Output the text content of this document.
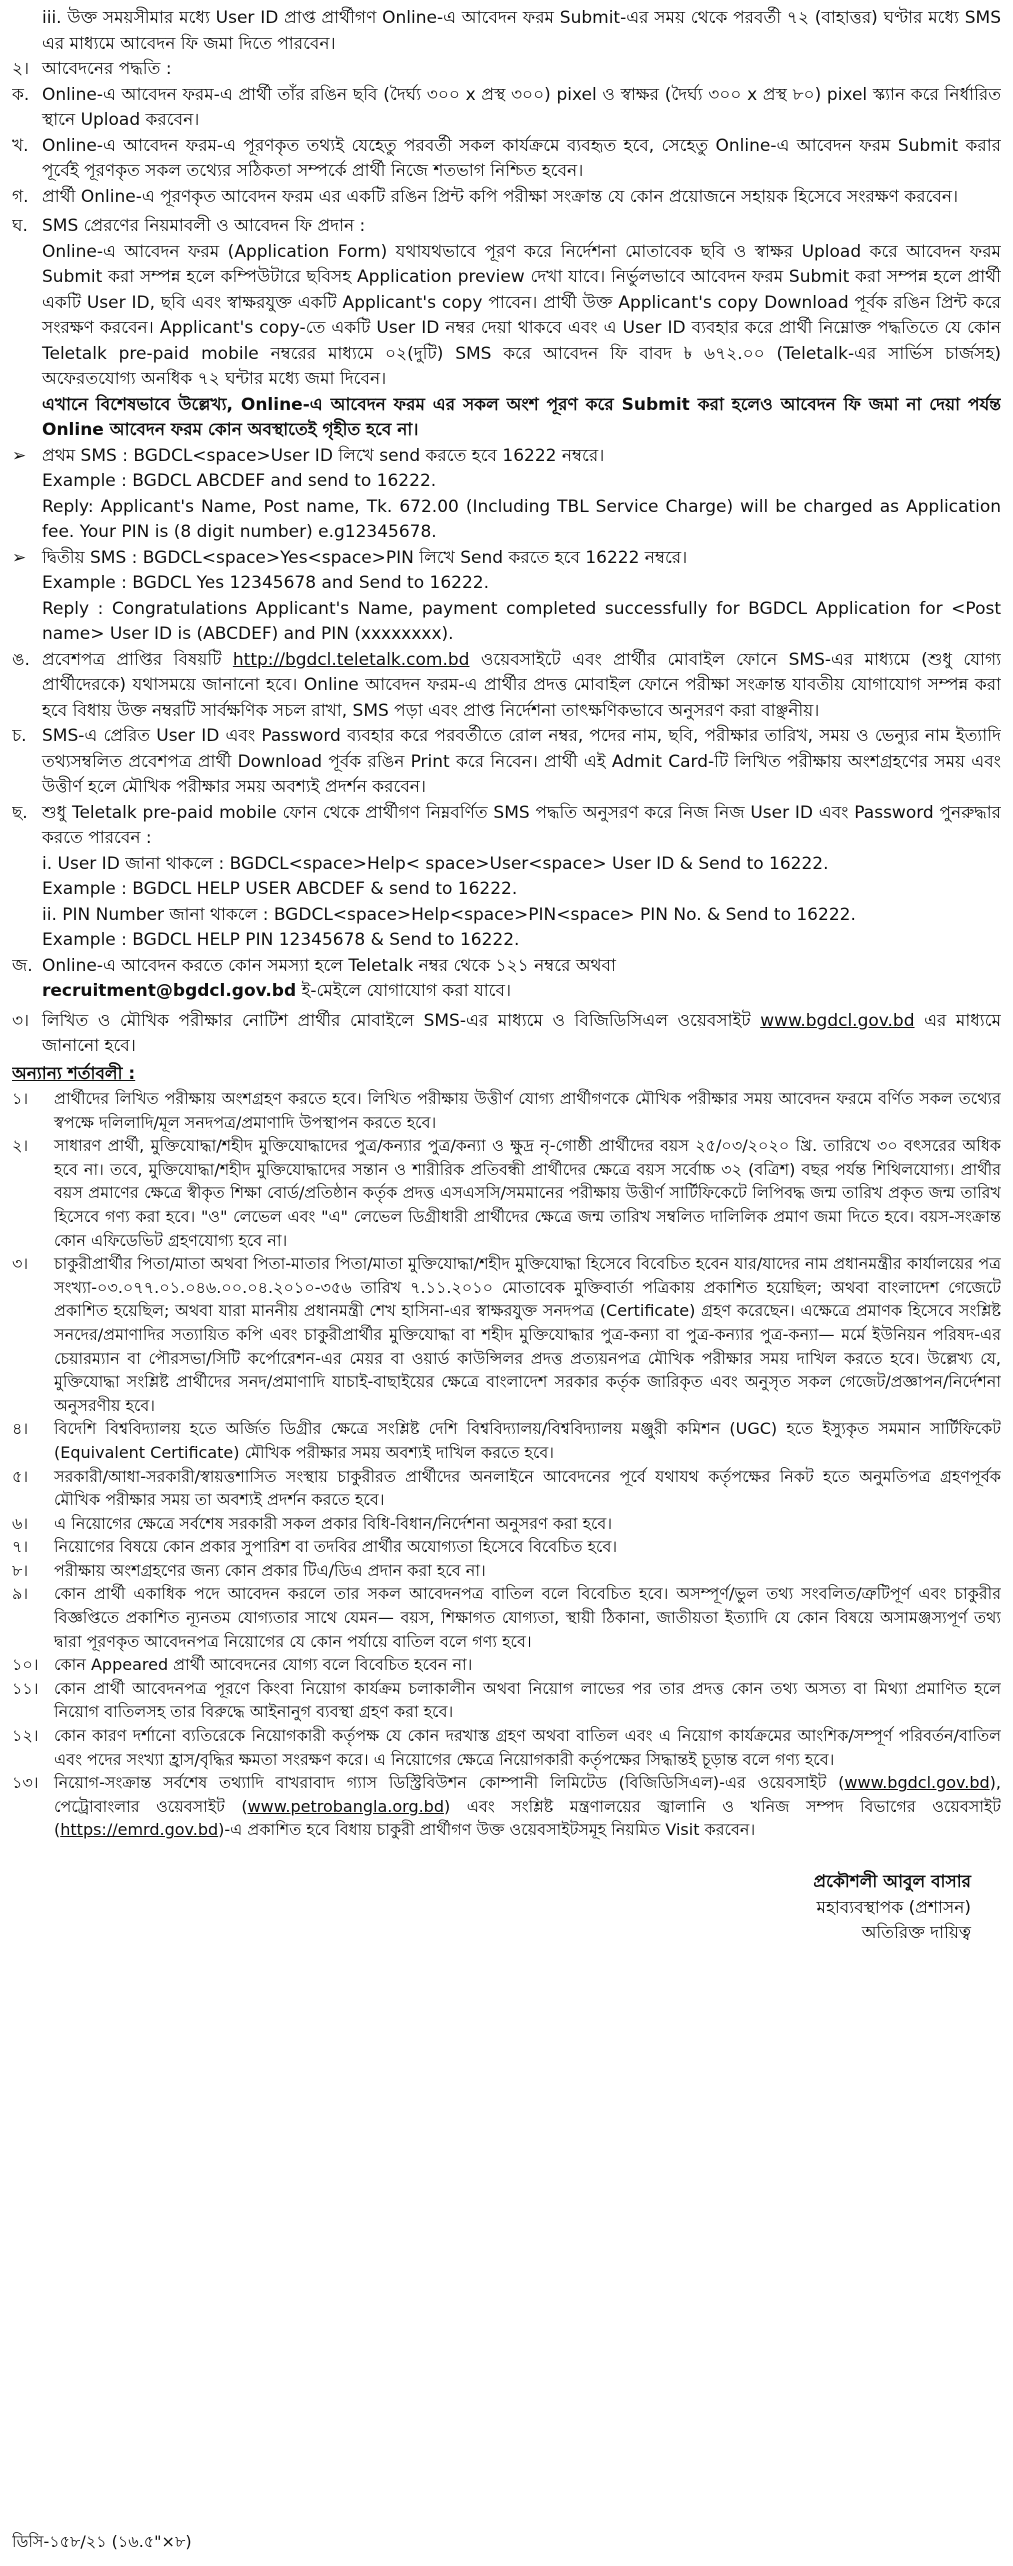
iii. উক্ত সময়সীমার মধ্যে User ID প্রাপ্ত প্রার্থীগণ Online-এ আবেদন ফরম Submit-এর সময় থেকে পরবর্তী ৭২ (বাহাত্তর) ঘণ্টার মধ্যে SMS এর মাধ্যমে আবেদন ফি জমা দিতে পারবেন।
২। আবেদনের পদ্ধতি :
ক. Online-এ আবেদন ফরম-এ প্রার্থী তাঁর রঙিন ছবি (দৈর্ঘ্য ৩০০ x প্রস্থ ৩০০) pixel ও স্বাক্ষর (দৈর্ঘ্য ৩০০ x প্রস্থ ৮০) pixel স্ক্যান করে নির্ধারিত স্থানে Upload করবেন।
খ. Online-এ আবেদন ফরম-এ পূরণকৃত তথ্যই যেহেতু পরবর্তী সকল কার্যক্রমে ব্যবহৃত হবে, সেহেতু Online-এ আবেদন ফরম Submit করার পূর্বেই পূরণকৃত সকল তথ্যের সঠিকতা সম্পর্কে প্রার্থী নিজে শতভাগ নিশ্চিত হবেন।
গ. প্রার্থী Online-এ পূরণকৃত আবেদন ফরম এর একটি রঙিন প্রিন্ট কপি পরীক্ষা সংক্রান্ত যে কোন প্রয়োজনে সহায়ক হিসেবে সংরক্ষণ করবেন।
ঘ. SMS প্রেরণের নিয়মাবলী ও আবেদন ফি প্রদান :
Online-এ আবেদন ফরম (Application Form) যথাযথভাবে পূরণ করে নির্দেশনা মোতাবেক ছবি ও স্বাক্ষর Upload করে আবেদন ফরম Submit করা সম্পন্ন হলে কম্পিউটারে ছবিসহ Application preview দেখা যাবে। নির্ভুলভাবে আবেদন ফরম Submit করা সম্পন্ন হলে প্রার্থী একটি User ID, ছবি এবং স্বাক্ষরযুক্ত একটি Applicant's copy পাবেন। প্রার্থী উক্ত Applicant's copy Download পূর্বক রঙিন প্রিন্ট করে সংরক্ষণ করবেন। Applicant's copy-তে একটি User ID নম্বর দেয়া থাকবে এবং এ User ID ব্যবহার করে প্রার্থী নিম্নোক্ত পদ্ধতিতে যে কোন Teletalk pre-paid mobile নম্বরের মাধ্যমে ০২(দুটি) SMS করে আবেদন ফি বাবদ ৳ ৬৭২.০০ (Teletalk-এর সার্ভিস চার্জসহ) অফেরতযোগ্য অনধিক ৭২ ঘন্টার মধ্যে জমা দিবেন।
এখানে বিশেষভাবে উল্লেখ্য, Online-এ আবেদন ফরম এর সকল অংশ পূরণ করে Submit করা হলেও আবেদন ফি জমা না দেয়া পর্যন্ত Online আবেদন ফরম কোন অবস্থাতেই গৃহীত হবে না।
➢ প্রথম SMS : BGDCL<space>User ID লিখে send করতে হবে 16222 নম্বরে।
Example : BGDCL ABCDEF and send to 16222.
Reply: Applicant's Name, Post name, Tk. 672.00 (Including TBL Service Charge) will be charged as Application fee. Your PIN is (8 digit number) e.g12345678.
➢ দ্বিতীয় SMS : BGDCL<space>Yes<space>PIN লিখে Send করতে হবে 16222 নম্বরে।
Example : BGDCL Yes 12345678 and Send to 16222.
Reply : Congratulations Applicant's Name, payment completed successfully for BGDCL Application for <Post name> User ID is (ABCDEF) and PIN (xxxxxxxx).
ঙ. প্রবেশপত্র প্রাপ্তির বিষয়টি http://bgdcl.teletalk.com.bd ওয়েবসাইটে এবং প্রার্থীর মোবাইল ফোনে SMS-এর মাধ্যমে (শুধু যোগ্য প্রার্থীদেরকে) যথাসময়ে জানানো হবে। Online আবেদন ফরম-এ প্রার্থীর প্রদত্ত মোবাইল ফোনে পরীক্ষা সংক্রান্ত যাবতীয় যোগাযোগ সম্পন্ন করা হবে বিধায় উক্ত নম্বরটি সার্বক্ষণিক সচল রাখা, SMS পড়া এবং প্রাপ্ত নির্দেশনা তাৎক্ষণিকভাবে অনুসরণ করা বাঞ্ছনীয়।
চ. SMS-এ প্রেরিত User ID এবং Password ব্যবহার করে পরবর্তীতে রোল নম্বর, পদের নাম, ছবি, পরীক্ষার তারিখ, সময় ও ভেন্যুর নাম ইত্যাদি তথ্যসম্বলিত প্রবেশপত্র প্রার্থী Download পূর্বক রঙিন Print করে নিবেন। প্রার্থী এই Admit Card-টি লিখিত পরীক্ষায় অংশগ্রহণের সময় এবং উত্তীর্ণ হলে মৌখিক পরীক্ষার সময় অবশ্যই প্রদর্শন করবেন।
ছ. শুধু Teletalk pre-paid mobile ফোন থেকে প্রার্থীগণ নিম্নবর্ণিত SMS পদ্ধতি অনুসরণ করে নিজ নিজ User ID এবং Password পুনরুদ্ধার করতে পারবেন :
i. User ID জানা থাকলে : BGDCL<space>Help< space>User<space> User ID & Send to 16222.
Example : BGDCL HELP USER ABCDEF & send to 16222.
ii. PIN Number জানা থাকলে : BGDCL<space>Help<space>PIN<space> PIN No. & Send to 16222.
Example : BGDCL HELP PIN 12345678 & Send to 16222.
জ. Online-এ আবেদন করতে কোন সমস্যা হলে Teletalk নম্বর থেকে ১২১ নম্বরে অথবা
recruitment@bgdcl.gov.bd ই-মেইলে যোগাযোগ করা যাবে।
৩। লিখিত ও মৌখিক পরীক্ষার নোটিশ প্রার্থীর মোবাইলে SMS-এর মাধ্যমে ও বিজিডিসিএল ওয়েবসাইট www.bgdcl.gov.bd এর মাধ্যমে জানানো হবে।
অন্যান্য শর্তাবলী :
১।	প্রার্থীদের লিখিত পরীক্ষায় অংশগ্রহণ করতে হবে। লিখিত পরীক্ষায় উত্তীর্ণ যোগ্য প্রার্থীগণকে মৌখিক পরীক্ষার সময় আবেদন ফরমে বর্ণিত সকল তথ্যের স্বপক্ষে দলিলাদি/মূল সনদপত্র/প্রমাণাদি উপস্থাপন করতে হবে।
২।	সাধারণ প্রার্থী, মুক্তিযোদ্ধা/শহীদ মুক্তিযোদ্ধাদের পুত্র/কন্যার পুত্র/কন্যা ও ক্ষুদ্র নৃ-গোষ্ঠী প্রার্থীদের বয়স ২৫/০৩/২০২০ খ্রি. তারিখে ৩০ বৎসরের অধিক হবে না। তবে, মুক্তিযোদ্ধা/শহীদ মুক্তিযোদ্ধাদের সন্তান ও শারীরিক প্রতিবন্ধী প্রার্থীদের ক্ষেত্রে বয়স সর্বোচ্চ ৩২ (বত্রিশ) বছর পর্যন্ত শিথিলযোগ্য। প্রার্থীর বয়স প্রমাণের ক্ষেত্রে স্বীকৃত শিক্ষা বোর্ড/প্রতিষ্ঠান কর্তৃক প্রদত্ত এসএসসি/সমমানের পরীক্ষায় উত্তীর্ণ সার্টিফিকেটে লিপিবদ্ধ জন্ম তারিখ প্রকৃত জন্ম তারিখ হিসেবে গণ্য করা হবে। "ও" লেভেল এবং "এ" লেভেল ডিগ্রীধারী প্রার্থীদের ক্ষেত্রে জন্ম তারিখ সম্বলিত দালিলিক প্রমাণ জমা দিতে হবে। বয়স-সংক্রান্ত কোন এফিডেভিট গ্রহণযোগ্য হবে না।
৩।	চাকুরীপ্রার্থীর পিতা/মাতা অথবা পিতা-মাতার পিতা/মাতা মুক্তিযোদ্ধা/শহীদ মুক্তিযোদ্ধা হিসেবে বিবেচিত হবেন যার/যাদের নাম প্রধানমন্ত্রীর কার্যালয়ের পত্র সংখ্যা-০৩.০৭৭.০১.০৪৬.০০.০৪.২০১০-৩৫৬ তারিখ ৭.১১.২০১০ মোতাবেক মুক্তিবার্তা পত্রিকায় প্রকাশিত হয়েছিল; অথবা বাংলাদেশ গেজেটে প্রকাশিত হয়েছিল; অথবা যারা মাননীয় প্রধানমন্ত্রী শেখ হাসিনা-এর স্বাক্ষরযুক্ত সনদপত্র (Certificate) গ্রহণ করেছেন। এক্ষেত্রে প্রমাণক হিসেবে সংশ্লিষ্ট সনদের/প্রমাণাদির সত্যায়িত কপি এবং চাকুরীপ্রার্থীর মুক্তিযোদ্ধা বা শহীদ মুক্তিযোদ্ধার পুত্র-কন্যা বা পুত্র-কন্যার পুত্র-কন্যা— মর্মে ইউনিয়ন পরিষদ-এর চেয়ারম্যান বা পৌরসভা/সিটি কর্পোরেশন-এর মেয়র বা ওয়ার্ড কাউন্সিলর প্রদত্ত প্রত্যয়নপত্র মৌখিক পরীক্ষার সময় দাখিল করতে হবে। উল্লেখ্য যে, মুক্তিযোদ্ধা সংশ্লিষ্ট প্রার্থীদের সনদ/প্রমাণাদি যাচাই-বাছাইয়ের ক্ষেত্রে বাংলাদেশ সরকার কর্তৃক জারিকৃত এবং অনুসৃত সকল গেজেট/প্রজ্ঞাপন/নির্দেশনা অনুসরণীয় হবে।
৪।	বিদেশি বিশ্ববিদ্যালয় হতে অর্জিত ডিগ্রীর ক্ষেত্রে সংশ্লিষ্ট দেশি বিশ্ববিদ্যালয়/বিশ্ববিদ্যালয় মঞ্জুরী কমিশন (UGC) হতে ইস্যুকৃত সমমান সার্টিফিকেট (Equivalent Certificate) মৌখিক পরীক্ষার সময় অবশ্যই দাখিল করতে হবে।
৫।	সরকারী/আধা-সরকারী/স্বায়ত্তশাসিত সংস্থায় চাকুরীরত প্রার্থীদের অনলাইনে আবেদনের পূর্বে যথাযথ কর্তৃপক্ষের নিকট হতে অনুমতিপত্র গ্রহণপূর্বক মৌখিক পরীক্ষার সময় তা অবশ্যই প্রদর্শন করতে হবে।
৬।	এ নিয়োগের ক্ষেত্রে সর্বশেষ সরকারী সকল প্রকার বিধি-বিধান/নির্দেশনা অনুসরণ করা হবে।
৭।	নিয়োগের বিষয়ে কোন প্রকার সুপারিশ বা তদবির প্রার্থীর অযোগ্যতা হিসেবে বিবেচিত হবে।
৮।	পরীক্ষায় অংশগ্রহণের জন্য কোন প্রকার টিএ/ডিএ প্রদান করা হবে না।
৯।	কোন প্রার্থী একাধিক পদে আবেদন করলে তার সকল আবেদনপত্র বাতিল বলে বিবেচিত হবে। অসম্পূর্ণ/ভুল তথ্য সংবলিত/ত্রুটিপূর্ণ এবং চাকুরীর বিজ্ঞপ্তিতে প্রকাশিত ন্যূনতম যোগ্যতার সাথে যেমন— বয়স, শিক্ষাগত যোগ্যতা, স্থায়ী ঠিকানা, জাতীয়তা ইত্যাদি যে কোন বিষয়ে অসামঞ্জস্যপূর্ণ তথ্য দ্বারা পূরণকৃত আবেদনপত্র নিয়োগের যে কোন পর্যায়ে বাতিল বলে গণ্য হবে।
১০। কোন Appeared প্রার্থী আবেদনের যোগ্য বলে বিবেচিত হবেন না।
১১। কোন প্রার্থী আবেদনপত্র পূরণে কিংবা নিয়োগ কার্যক্রম চলাকালীন অথবা নিয়োগ লাভের পর তার প্রদত্ত কোন তথ্য অসত্য বা মিথ্যা প্রমাণিত হলে নিয়োগ বাতিলসহ তার বিরুদ্ধে আইনানুগ ব্যবস্থা গ্রহণ করা হবে।
১২। কোন কারণ দর্শানো ব্যতিরেকে নিয়োগকারী কর্তৃপক্ষ যে কোন দরখাস্ত গ্রহণ অথবা বাতিল এবং এ নিয়োগ কার্যক্রমের আংশিক/সম্পূর্ণ পরিবর্তন/বাতিল এবং পদের সংখ্যা হ্রাস/বৃদ্ধির ক্ষমতা সংরক্ষণ করে। এ নিয়োগের ক্ষেত্রে নিয়োগকারী কর্তৃপক্ষের সিদ্ধান্তই চূড়ান্ত বলে গণ্য হবে।
১৩। নিয়োগ-সংক্রান্ত সর্বশেষ তথ্যাদি বাখরাবাদ গ্যাস ডিস্ট্রিবিউশন কোম্পানী লিমিটেড (বিজিডিসিএল)-এর ওয়েবসাইট (www.bgdcl.gov.bd), পেট্রোবাংলার ওয়েবসাইট (www.petrobangla.org.bd) এবং সংশ্লিষ্ট মন্ত্রণালয়ের জ্বালানি ও খনিজ সম্পদ বিভাগের ওয়েবসাইট (https://emrd.gov.bd)-এ প্রকাশিত হবে বিধায় চাকুরী প্রার্থীগণ উক্ত ওয়েবসাইটসমূহ নিয়মিত Visit করবেন।
প্রকৌশলী আবুল বাসার
মহাব্যবস্থাপক (প্রশাসন)
অতিরিক্ত দায়িত্ব
ডিসি-১৫৮/২১ (১৬.৫"×৮)
